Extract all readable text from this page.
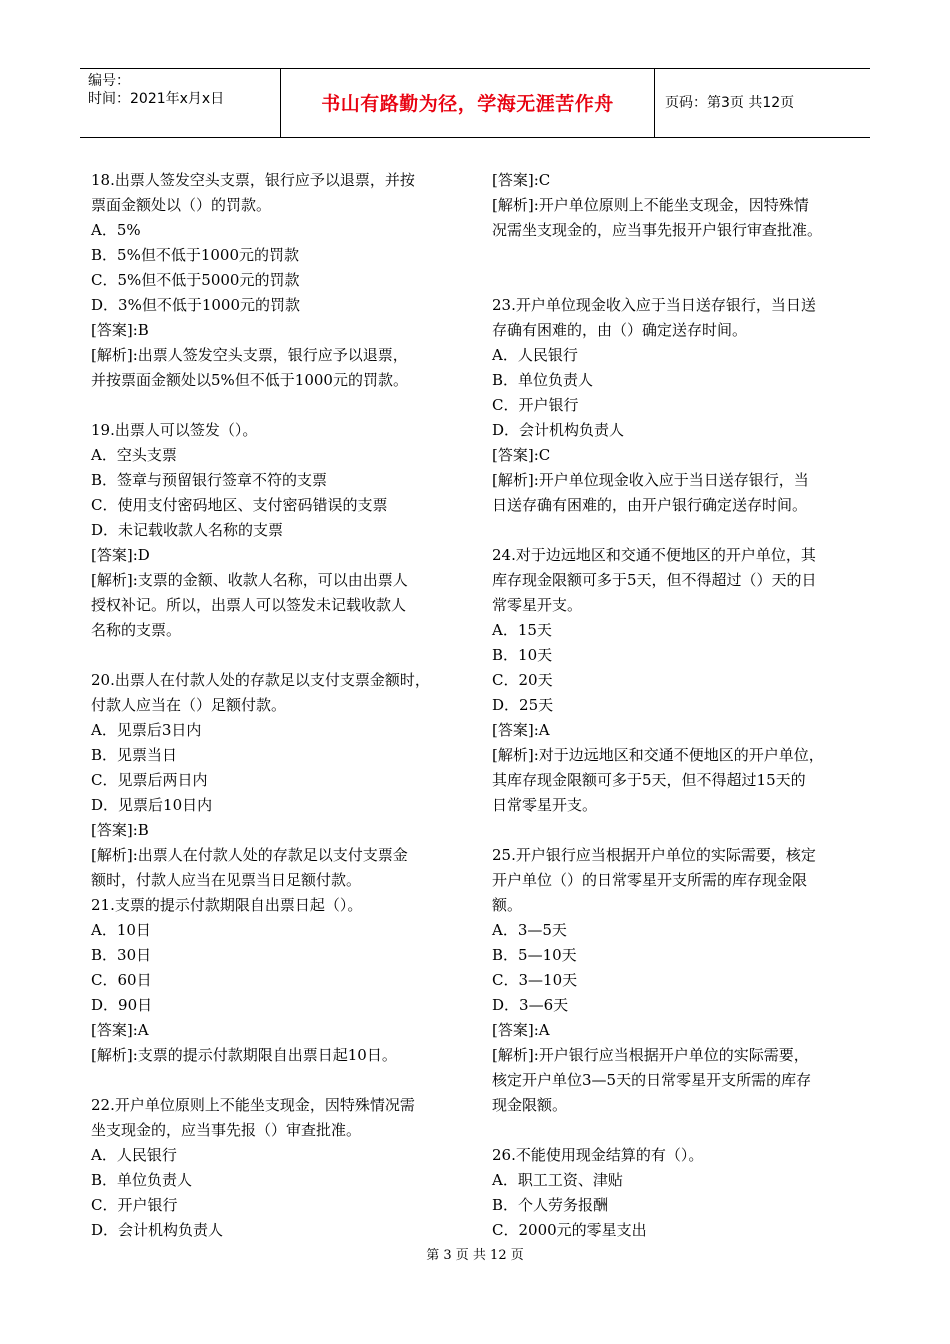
编号：
时间：2021年x月x日	书山有路勤为径，学海无涯苦作舟	页码：第3页 共12页
18.出票人签发空头支票，银行应予以退票，并按
票面金额处以（）的罚款。
A．5%
B．5%但不低于1000元的罚款
C．5%但不低于5000元的罚款
D．3%但不低于1000元的罚款
[答案]:B
[解析]:出票人签发空头支票，银行应予以退票，
并按票面金额处以5%但不低于1000元的罚款。
19.出票人可以签发（）。
A．空头支票
B．签章与预留银行签章不符的支票
C．使用支付密码地区、支付密码错误的支票
D．未记载收款人名称的支票
[答案]:D
[解析]:支票的金额、收款人名称，可以由出票人
授权补记。所以，出票人可以签发未记载收款人
名称的支票。
20.出票人在付款人处的存款足以支付支票金额时，
付款人应当在（）足额付款。
A．见票后3日内
B．见票当日
C．见票后两日内
D．见票后10日内
[答案]:B
[解析]:出票人在付款人处的存款足以支付支票金
额时，付款人应当在见票当日足额付款。
21.支票的提示付款期限自出票日起（）。
A．10日
B．30日
C．60日
D．90日
[答案]:A
[解析]:支票的提示付款期限自出票日起10日。
22.开户单位原则上不能坐支现金，因特殊情况需
坐支现金的，应当事先报（）审查批准。
A．人民银行
B．单位负责人
C．开户银行
D．会计机构负责人
[答案]:C
[解析]:开户单位原则上不能坐支现金，因特殊情
况需坐支现金的，应当事先报开户银行审查批准。
23.开户单位现金收入应于当日送存银行，当日送
存确有困难的，由（）确定送存时间。
A．人民银行
B．单位负责人
C．开户银行
D．会计机构负责人
[答案]:C
[解析]:开户单位现金收入应于当日送存银行，当
日送存确有困难的，由开户银行确定送存时间。
24.对于边远地区和交通不便地区的开户单位，其
库存现金限额可多于5天，但不得超过（）天的日
常零星开支。
A．15天
B．10天
C．20天
D．25天
[答案]:A
[解析]:对于边远地区和交通不便地区的开户单位，
其库存现金限额可多于5天，但不得超过15天的
日常零星开支。
25.开户银行应当根据开户单位的实际需要，核定
开户单位（）的日常零星开支所需的库存现金限
额。
A．3—5天
B．5—10天
C．3—10天
D．3—6天
[答案]:A
[解析]:开户银行应当根据开户单位的实际需要，
核定开户单位3—5天的日常零星开支所需的库存
现金限额。
26.不能使用现金结算的有（）。
A．职工工资、津贴
B．个人劳务报酬
C．2000元的零星支出
第 3 页 共 12 页
